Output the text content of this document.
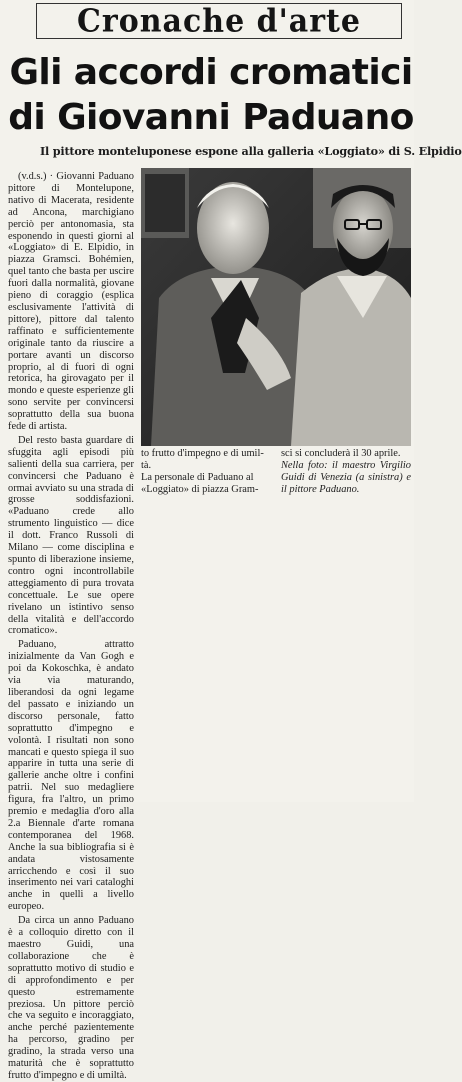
Cronache d'arte
Gli accordi cromatici
di Giovanni Paduano
Il pittore monteluponese espone alla galleria «Loggiato» di S. Elpidio

(v.d.s.) · Giovanni Paduano pittore di Montelupone, nativo di Macerata, residente ad Ancona, marchigiano perciò per antonomasia, sta esponendo in questi giorni al «Loggiato» di E. Elpidio, in piazza Gramsci. Bohémien, quel tanto che basta per uscire fuori dalla normalità, giovane pieno di coraggio (esplica esclusivamente l'attività di pittore), pittore dal talento raffinato e sufficientemente originale tanto da riuscire a portare avanti un discorso proprio, al di fuori di ogni retorica, ha girovagato per il mondo e queste esperienze gli sono servite per convincersi soprattutto della sua buona fede di artista.

Del resto basta guardare di sfuggita agli episodi più salienti della sua carriera, per convincersi che Paduano è ormai avviato su una strada di grosse soddisfazioni. «Paduano crede allo strumento linguistico — dice il dott. Franco Russoli di Milano — come disciplina e spunto di liberazione insieme, contro ogni incontrollabile atteggiamento di pura trovata concettuale. Le sue opere rivelano un istintivo senso della vitalità e dell'accordo cromatico».

Paduano, attratto inizialmente da Van Gogh e poi da Kokoschka, è andato via via maturando, liberandosi da ogni legame del passato e iniziando un discorso personale, fatto soprattutto d'impegno e volontà. I risultati non sono mancati e questo spiega il suo apparire in tutta una serie di gallerie anche oltre i confini patrii. Nel suo medagliere figura, fra l'altro, un primo premio e medaglia d'oro alla 2.a Biennale d'arte romana contemporanea del 1968. Anche la sua bibliografia si è andata vistosamente arricchendo e così il suo inserimento nei vari cataloghi anche in quelli a livello europeo.

Da circa un anno Paduano è a colloquio diretto con il maestro Guidi, una collaborazione che è soprattutto motivo di studio e di approfondimento e per questo estremamente preziosa. Un pittore perciò che va seguito e incoraggiato, anche perché pazientemente ha percorso, gradino per gradino, la strada verso una maturità che è soprattutto frutto d'impegno e di umiltà.

to frutto d'impegno e di umil-
tà.
La personale di Paduano al
«Loggiato» di piazza Gram-
sci si concluderà il 30 aprile.
Nella foto: il maestro Virgilio Guidi di Venezia (a sinistra) e il pittore Paduano.
